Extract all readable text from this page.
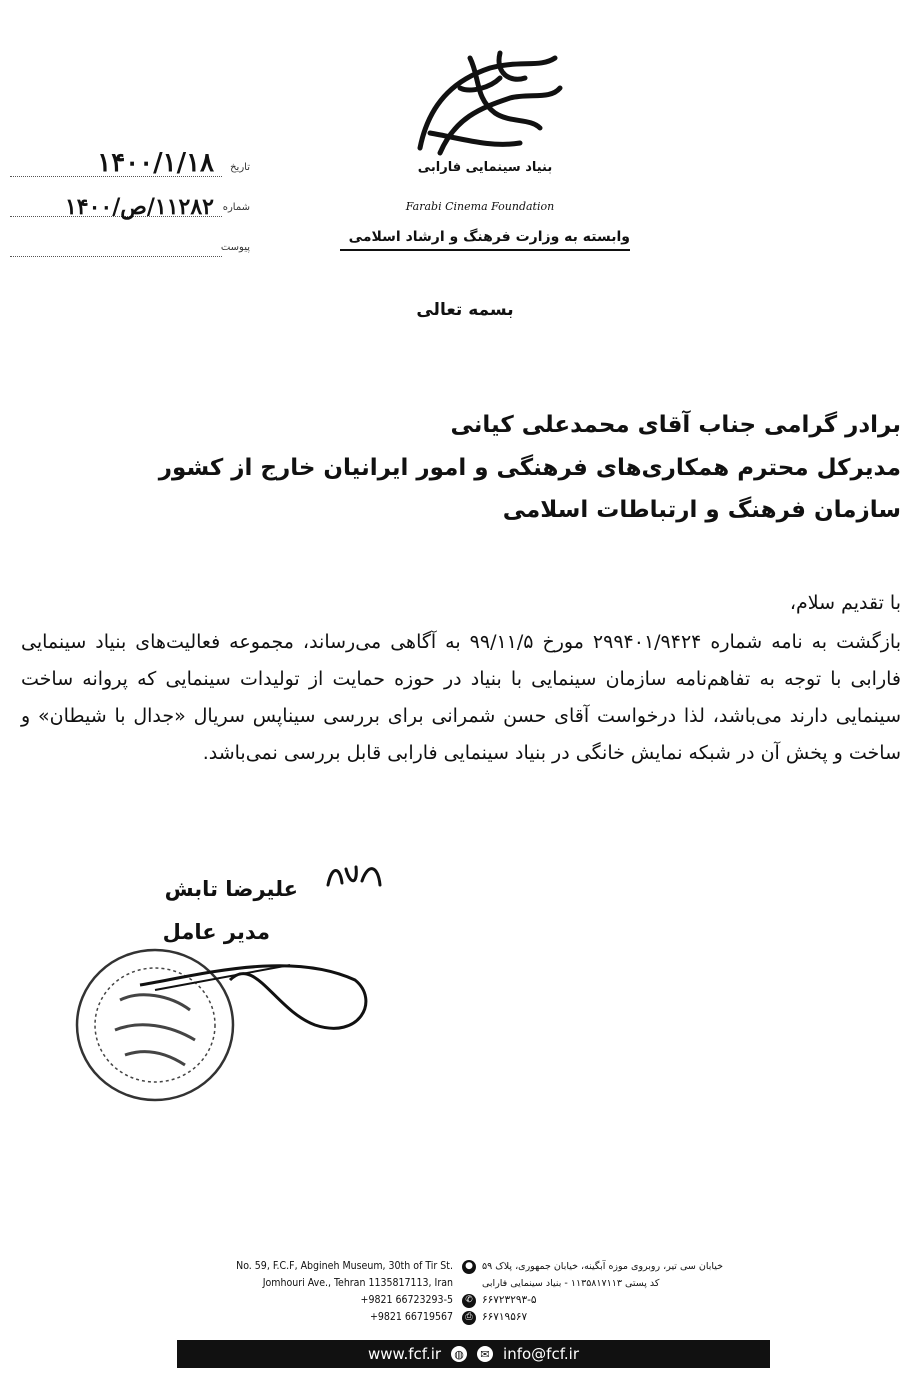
بنیاد سینمایی فارابی
Farabi Cinema Foundation
وابسته به وزارت فرهنگ و ارشاد اسلامی
تاریخ
۱۴۰۰/۱/۱۸
شماره
۱۱۲۸۲/ص/۱۴۰۰
پیوست
بسمه تعالی
برادر گرامی جناب آقای محمدعلی کیانی
مدیرکل محترم همکاری‌های فرهنگی و امور ایرانیان خارج از کشور
سازمان فرهنگ و ارتباطات اسلامی
با تقدیم سلام،
بازگشت به نامه شماره ۲۹۹۴۰۱/۹۴۲۴ مورخ ۹۹/۱۱/۵ به آگاهی می‌رساند، مجموعه فعالیت‌های بنیاد سینمایی فارابی با توجه به تفاهم‌نامه سازمان سینمایی با بنیاد در حوزه حمایت از تولیدات سینمایی که پروانه ساخت سینمایی دارند می‌باشد، لذا درخواست آقای حسن شمرانی برای بررسی سیناپس سریال «جدال با شیطان» و ساخت و پخش آن در شبکه نمایش خانگی در بنیاد سینمایی فارابی قابل بررسی نمی‌باشد.
علیرضا تابش
مدیر عامل
No. 59, F.C.F, Abgineh Museum, 30th of Tir St.
Jomhouri Ave., Tehran 1135817113, Iran
+9821 66723293-5
+9821 66719567
● خیابان سی تیر، روبروی موزه آبگینه، خیابان جمهوری، پلاک ۵۹
کد پستی ۱۱۳۵۸۱۷۱۱۳ - بنیاد سینمایی فارابی
✆ ۶۶۷۲۳۲۹۳-۵
⎙ ۶۶۷۱۹۵۶۷
www.fcf.ir ◍	✉ info@fcf.ir
